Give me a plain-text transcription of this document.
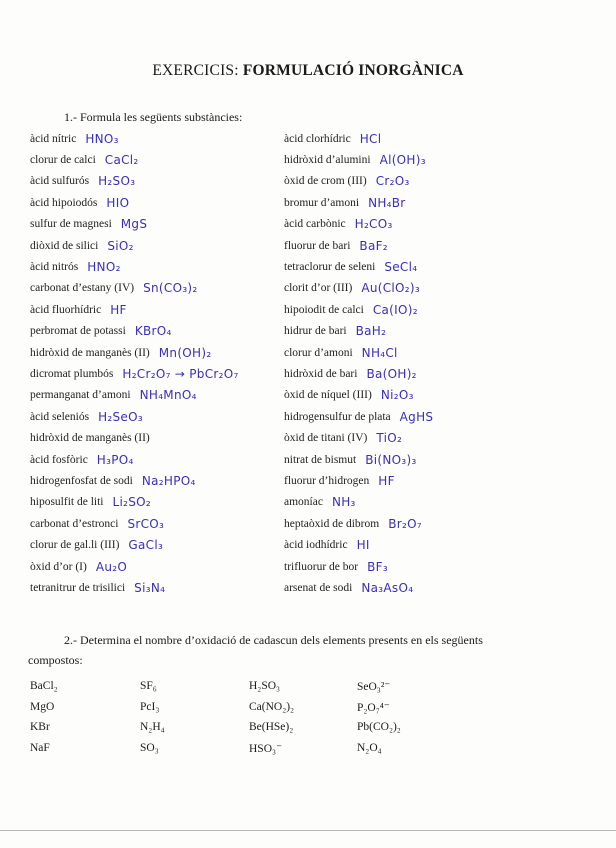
EXERCICIS: FORMULACIÓ INORGÀNICA
1.- Formula les següents substàncies:
àcid nítric HNO₃
clorur de calci CaCl₂
àcid sulfurós H₂SO₃
àcid hipoiodós HIO
sulfur de magnesi MgS
diòxid de silici SiO₂
àcid nitrós HNO₂
carbonat d’estany (IV) Sn(CO₃)₂
àcid fluorhídric HF
perbromat de potassi KBrO₄
hidròxid de manganès (II) Mn(OH)₂
dicromat plumbós H₂Cr₂O₇ → PbCr₂O₇
permanganat d’amoni NH₄MnO₄
àcid seleniós H₂SeO₃
hidròxid de manganès (II)
àcid fosfòric H₃PO₄
hidrogenfosfat de sodi Na₂HPO₄
hiposulfit de liti Li₂SO₂
carbonat d’estronci SrCO₃
clorur de gal.li (III) GaCl₃
òxid d’or (I) Au₂O
tetranitrur de trisilici Si₃N₄
àcid clorhídric HCl
hidròxid d’alumini Al(OH)₃
òxid de crom (III) Cr₂O₃
bromur d’amoni NH₄Br
àcid carbònic H₂CO₃
fluorur de bari BaF₂
tetraclorur de seleni SeCl₄
clorit d’or (III) Au(ClO₂)₃
hipoiodit de calci Ca(IO)₂
hidrur de bari BaH₂
clorur d’amoni NH₄Cl
hidròxid de bari Ba(OH)₂
òxid de níquel (III) Ni₂O₃
hidrogensulfur de plata AgHS
òxid de titani (IV) TiO₂
nitrat de bismut Bi(NO₃)₃
fluorur d’hidrogen HF
amoníac NH₃
heptaòxid de dibrom Br₂O₇
àcid iodhídric HI
trifluorur de bor BF₃
arsenat de sodi Na₃AsO₄
2.- Determina el nombre d’oxidació de cadascun dels elements presents en els següents
compostos:
BaCl₂	SF₆	H₂SO₃	SeO₃²⁻
MgO	PcI₃	Ca(NO₂)₂	P₂O₇⁴⁻
KBr	N₂H₄	Be(HSe)₂	Pb(CO₂)₂
NaF	SO₃	HSO₃⁻	N₂O₄
